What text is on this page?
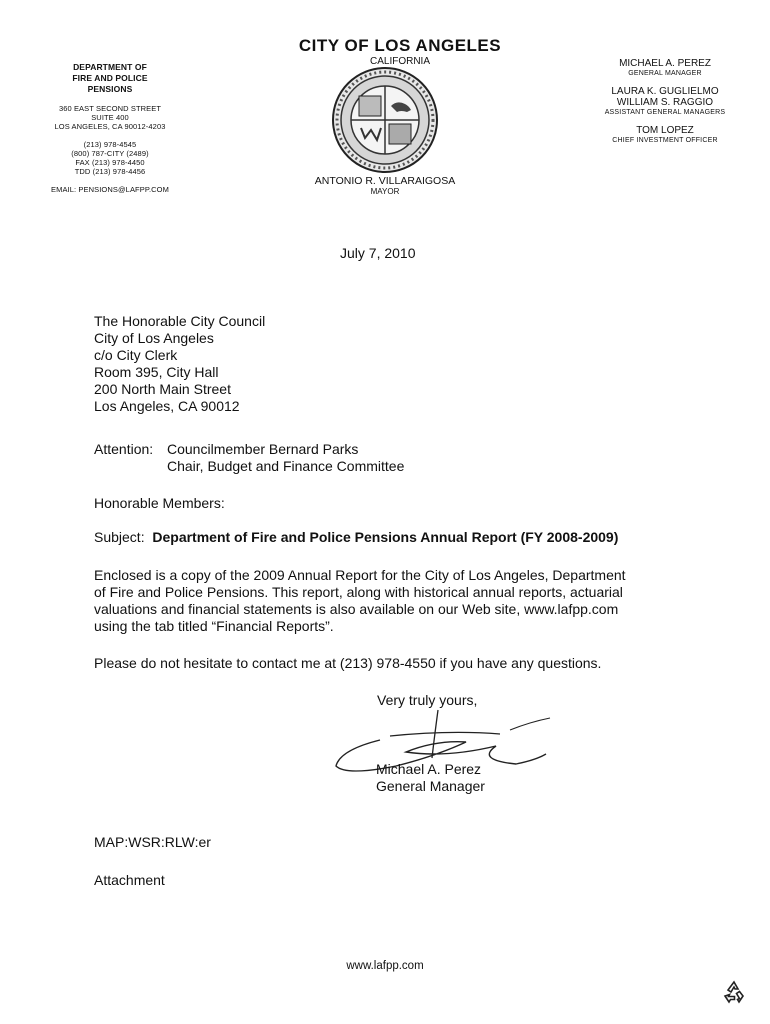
DEPARTMENT OF
FIRE AND POLICE
PENSIONS
360 EAST SECOND STREET
SUITE 400
LOS ANGELES, CA 90012-4203
(213) 978-4545
(800) 787-CITY (2489)
FAX (213) 978-4450
TDD (213) 978-4456
EMAIL: PENSIONS@LAFPP.COM
CITY OF LOS ANGELES
CALIFORNIA
ANTONIO R. VILLARAIGOSA
MAYOR
MICHAEL A. PEREZ
GENERAL MANAGER
LAURA K. GUGLIELMO
WILLIAM S. RAGGIO
ASSISTANT GENERAL MANAGERS
TOM LOPEZ
CHIEF INVESTMENT OFFICER
July 7, 2010
The Honorable City Council
City of Los Angeles
c/o City Clerk
Room 395, City Hall
200 North Main Street
Los Angeles, CA 90012
Attention: Councilmember Bernard Parks
Chair, Budget and Finance Committee
Honorable Members:
Subject: Department of Fire and Police Pensions Annual Report (FY 2008-2009)
Enclosed is a copy of the 2009 Annual Report for the City of Los Angeles, Department
of Fire and Police Pensions. This report, along with historical annual reports, actuarial
valuations and financial statements is also available on our Web site, www.lafpp.com
using the tab titled “Financial Reports”.
Please do not hesitate to contact me at (213) 978-4550 if you have any questions.
Very truly yours,
Michael A. Perez
General Manager
MAP:WSR:RLW:er
Attachment
www.lafpp.com
